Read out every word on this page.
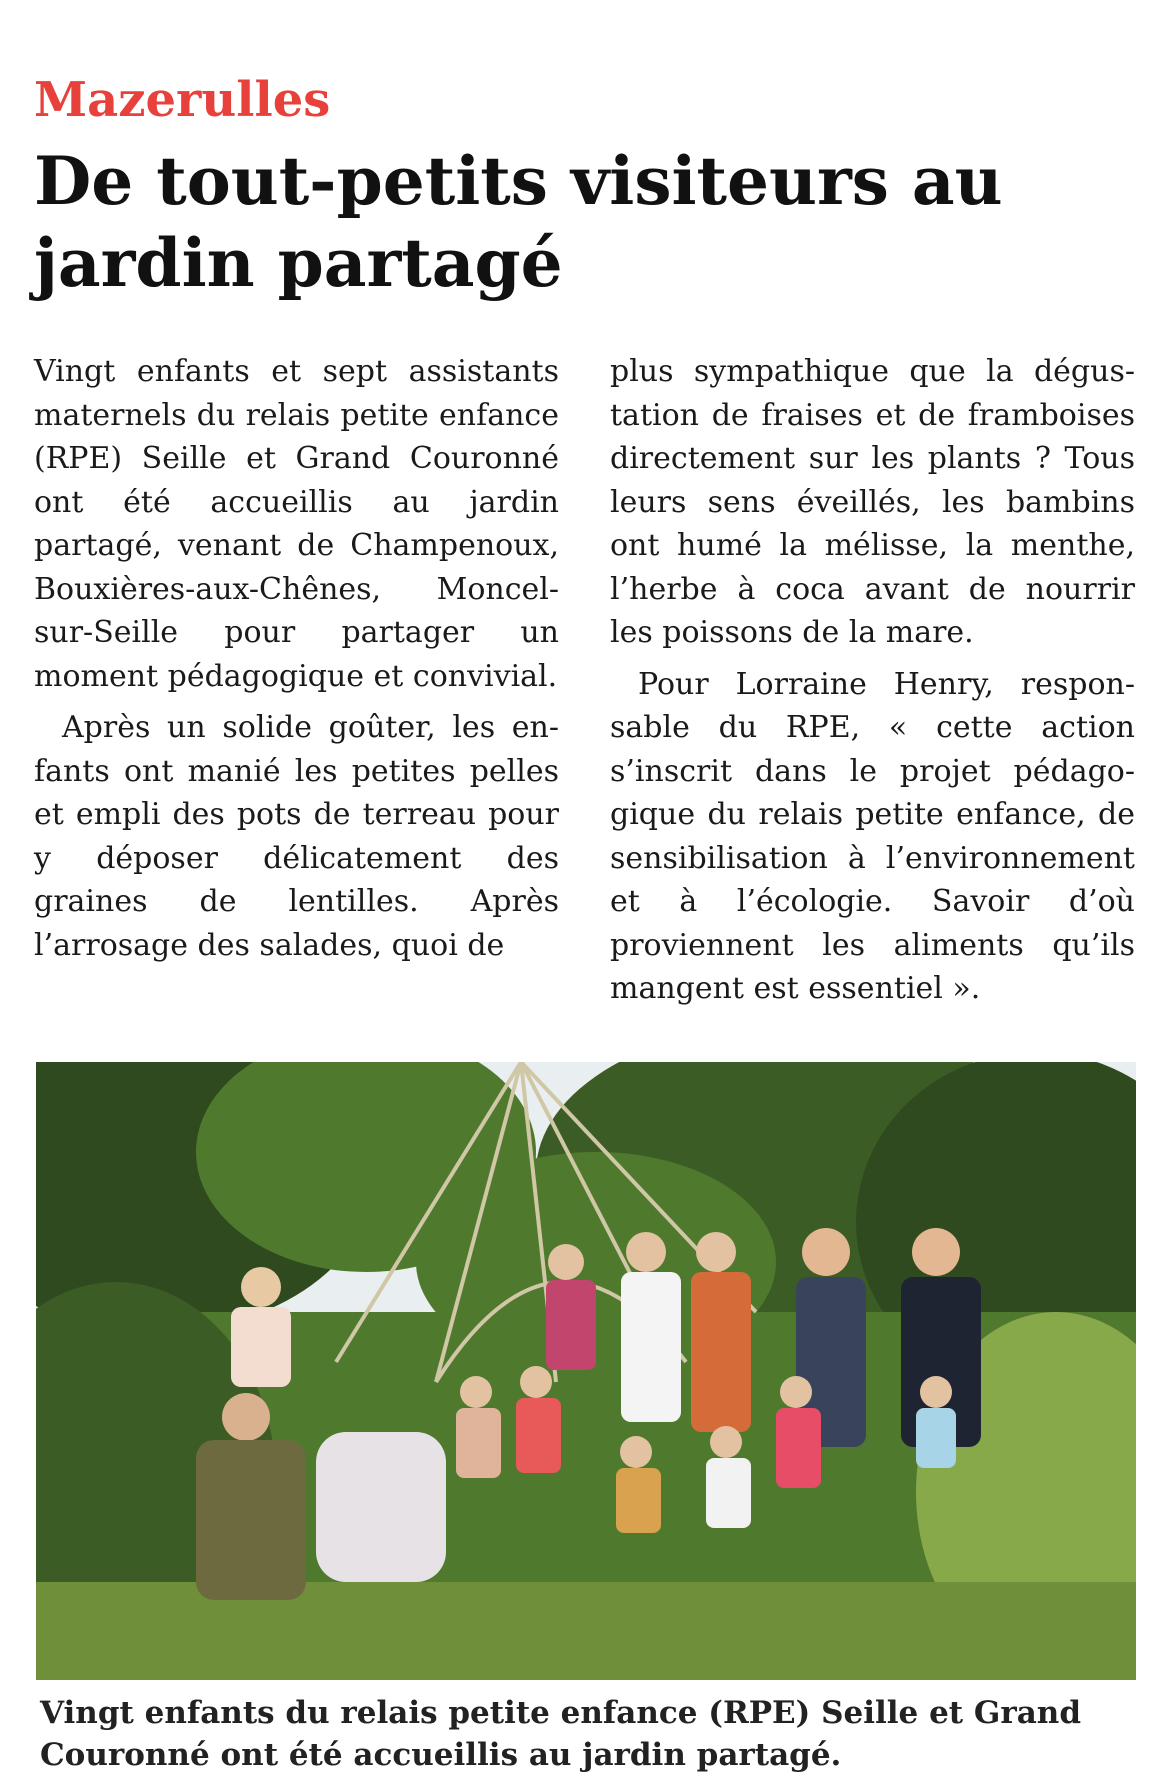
Mazerulles
De tout-petits visiteurs au jardin partagé

Vingt enfants et sept assistants maternels du relais petite enfance (RPE) Seille et Grand Couronné ont été accueillis au jardin partagé, venant de Champenoux, Bouxières-aux-Chênes, Moncel-sur-Seille pour partager un moment pédagogique et convivial.

Après un solide goûter, les enfants ont manié les petites pelles et empli des pots de terreau pour y déposer délicatement des graines de lentilles. Après l’arrosage des salades, quoi de

plus sympathique que la dégustation de fraises et de framboises directement sur les plants ? Tous leurs sens éveillés, les bambins ont humé la mélisse, la menthe, l’herbe à coca avant de nourrir les poissons de la mare.

Pour Lorraine Henry, responsable du RPE, « cette action s’inscrit dans le projet pédagogique du relais petite enfance, de sensibilisation à l’environnement et à l’écologie. Savoir d’où proviennent les aliments qu’ils mangent est essentiel ».

Vingt enfants du relais petite enfance (RPE) Seille et Grand Couronné ont été accueillis au jardin partagé.
